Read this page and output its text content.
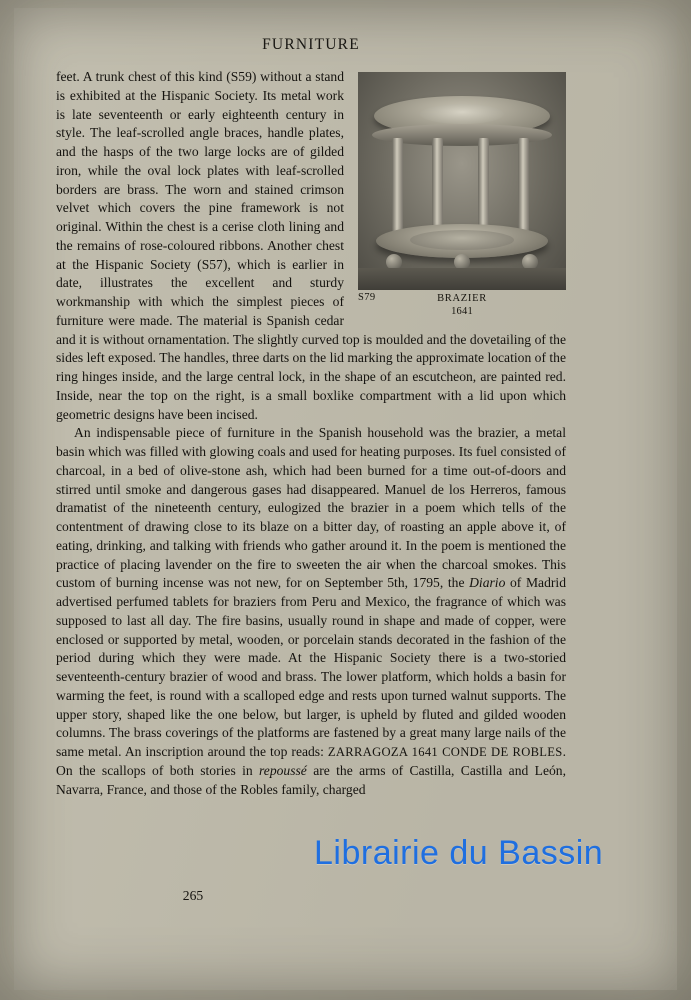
FURNITURE
S79	BRAZIER
1641

feet. A trunk chest of this kind (S59) without a stand is exhibited at the Hispanic Society. Its metal work is late seventeenth or early eighteenth century in style. The leaf-scrolled angle braces, handle plates, and the hasps of the two large locks are of gilded iron, while the oval lock plates with leaf-scrolled borders are brass. The worn and stained crimson velvet which covers the pine framework is not original. Within the chest is a cerise cloth lining and the remains of rose-coloured ribbons. Another chest at the Hispanic Society (S57), which is earlier in date, illustrates the excellent and sturdy workmanship with which the simplest pieces of furniture were made. The material is Spanish cedar and it is without ornamentation. The slightly curved top is moulded and the dovetailing of the sides left exposed. The handles, three darts on the lid marking the approximate location of the ring hinges inside, and the large central lock, in the shape of an escutcheon, are painted red. Inside, near the top on the right, is a small boxlike compartment with a lid upon which geometric designs have been incised.

An indispensable piece of furniture in the Spanish household was the brazier, a metal basin which was filled with glowing coals and used for heating purposes. Its fuel consisted of charcoal, in a bed of olive-stone ash, which had been burned for a time out-of-doors and stirred until smoke and dangerous gases had disappeared. Manuel de los Herreros, famous dramatist of the nineteenth century, eulogized the brazier in a poem which tells of the contentment of drawing close to its blaze on a bitter day, of roasting an apple above it, of eating, drinking, and talking with friends who gather around it. In the poem is mentioned the practice of placing lavender on the fire to sweeten the air when the charcoal smokes. This custom of burning incense was not new, for on September 5th, 1795, the Diario of Madrid advertised perfumed tablets for braziers from Peru and Mexico, the fragrance of which was supposed to last all day. The fire basins, usually round in shape and made of copper, were enclosed or supported by metal, wooden, or porcelain stands decorated in the fashion of the period during which they were made. At the Hispanic Society there is a two-storied seventeenth-century brazier of wood and brass. The lower platform, which holds a basin for warming the feet, is round with a scalloped edge and rests upon turned walnut supports. The upper story, shaped like the one below, but larger, is upheld by fluted and gilded wooden columns. The brass coverings of the platforms are fastened by a great many large nails of the same metal. An inscription around the top reads: ZARRAGOZA 1641 CONDE DE ROBLES. On the scallops of both stories in repoussé are the arms of Castilla, Castilla and León, Navarra, France, and those of the Robles family, charged

265
Librairie du Bassin
